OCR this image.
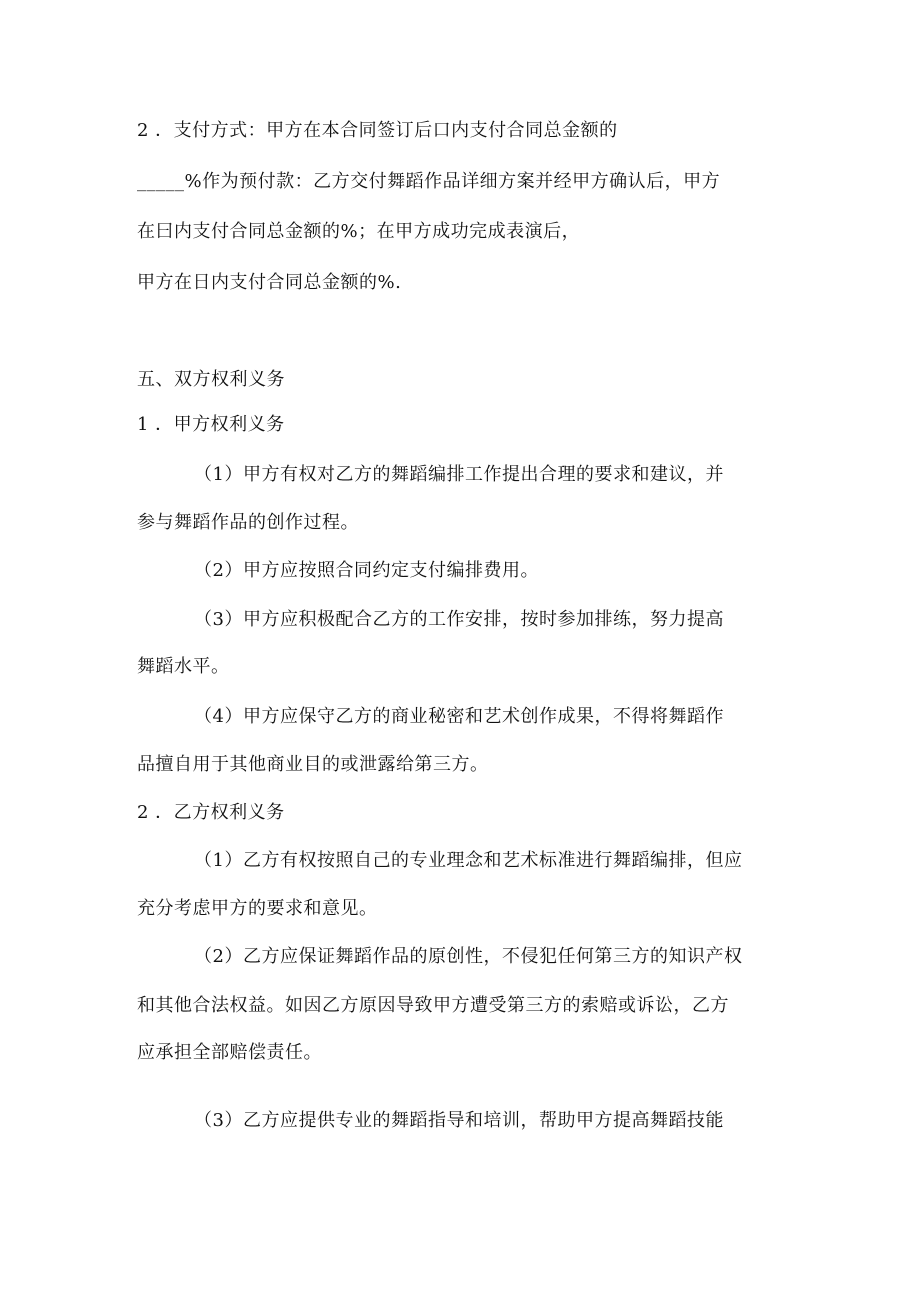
2 ．支付方式：甲方在本合同签订后口内支付合同总金额的
_____%作为预付款：乙方交付舞蹈作品详细方案并经甲方确认后，甲方
在曰内支付合同总金额的%；在甲方成功完成表演后，
甲方在日内支付合同总金额的%.
五、双方权利义务
1 ．甲方权利义务
（1）甲方有权对乙方的舞蹈编排工作提出合理的要求和建议，并
参与舞蹈作品的创作过程。
（2）甲方应按照合同约定支付编排费用。
（3）甲方应积极配合乙方的工作安排，按时参加排练，努力提高
舞蹈水平。
（4）甲方应保守乙方的商业秘密和艺术创作成果，不得将舞蹈作
品擅自用于其他商业目的或泄露给第三方。
2 ．乙方权利义务
（1）乙方有权按照自己的专业理念和艺术标准进行舞蹈编排，但应
充分考虑甲方的要求和意见。
（2）乙方应保证舞蹈作品的原创性，不侵犯任何第三方的知识产权
和其他合法权益。如因乙方原因导致甲方遭受第三方的索赔或诉讼，乙方
应承担全部赔偿责任。
（3）乙方应提供专业的舞蹈指导和培训，帮助甲方提高舞蹈技能
